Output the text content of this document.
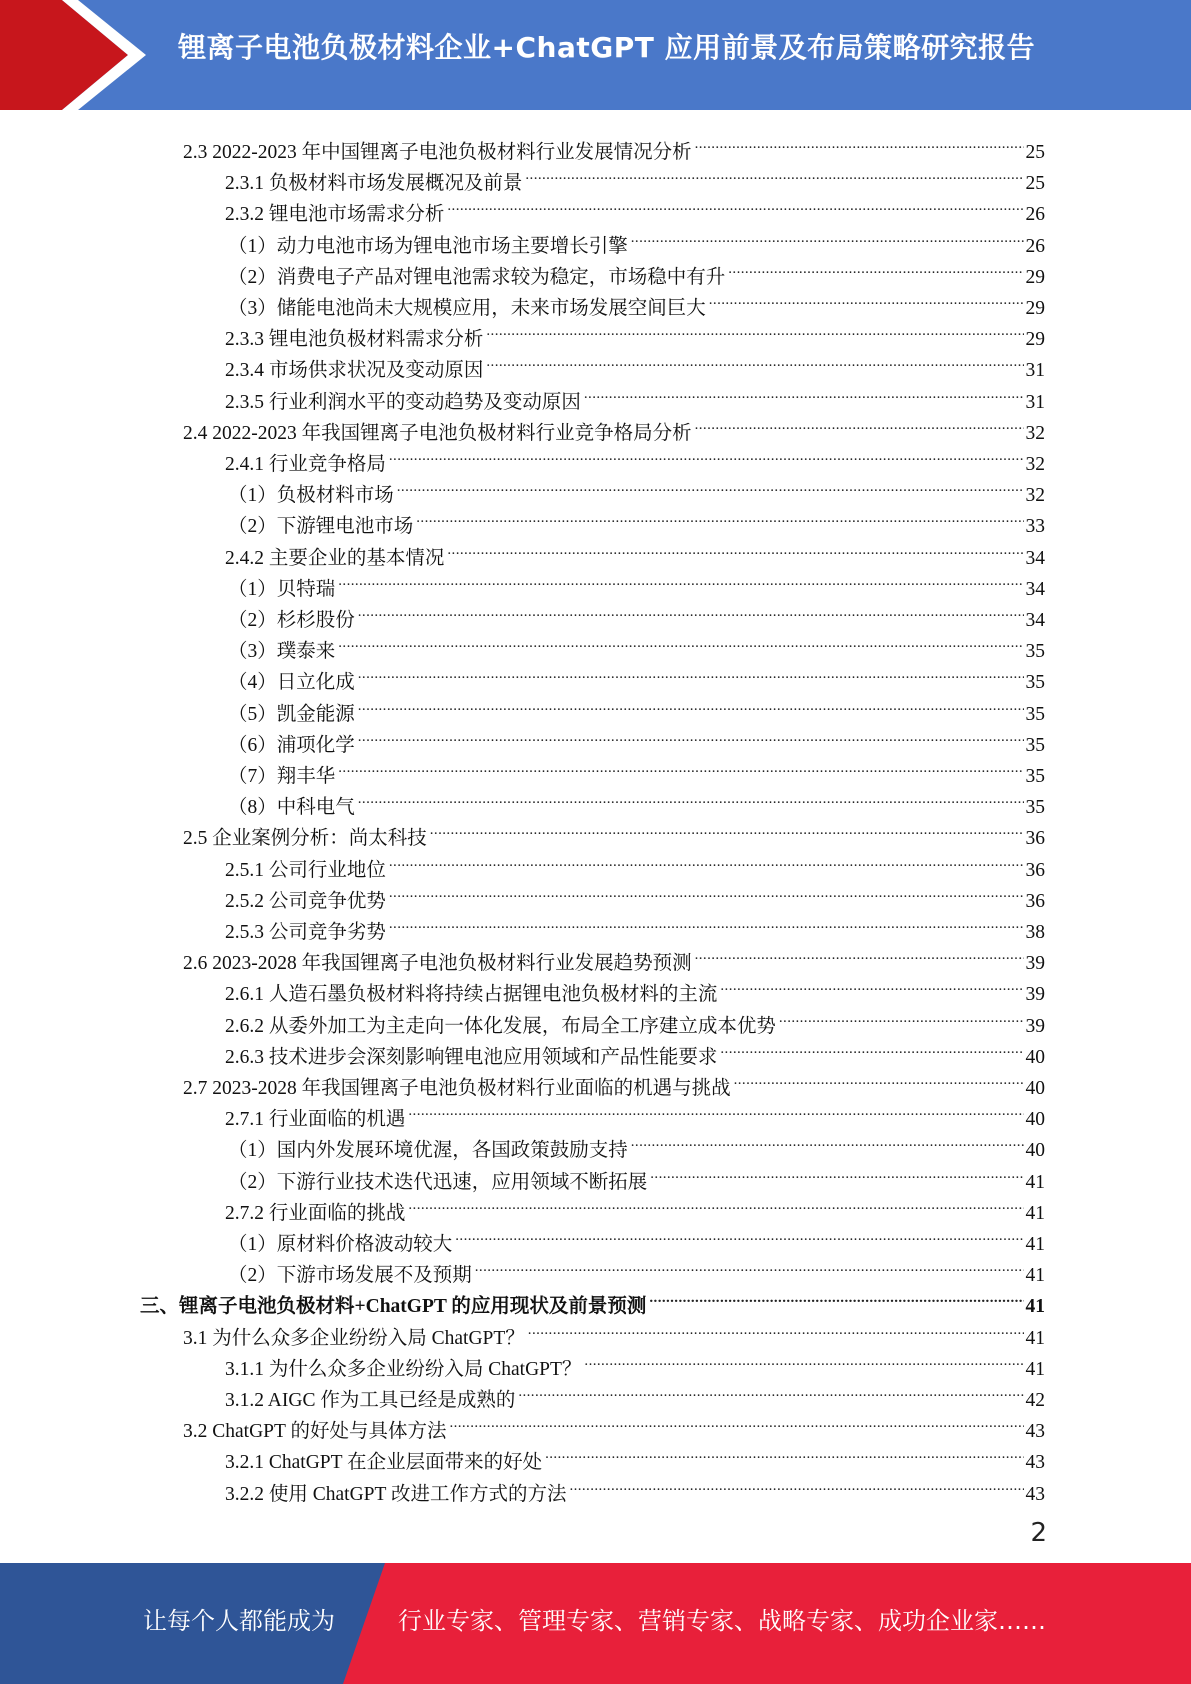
锂离子电池负极材料企业+ChatGPT 应用前景及布局策略研究报告
2.3 2022-2023 年中国锂离子电池负极材料行业发展情况分析 .....	25
2.3.1 负极材料市场发展概况及前景 .....	25
2.3.2 锂电池市场需求分析 .....	26
（1）动力电池市场为锂电池市场主要增长引擎 .....	26
（2）消费电子产品对锂电池需求较为稳定，市场稳中有升 .....	29
（3）储能电池尚未大规模应用，未来市场发展空间巨大 .....	29
2.3.3 锂电池负极材料需求分析 .....	29
2.3.4 市场供求状况及变动原因 .....	31
2.3.5 行业利润水平的变动趋势及变动原因 .....	31
2.4 2022-2023 年我国锂离子电池负极材料行业竞争格局分析 .....	32
2.4.1 行业竞争格局 .....	32
（1）负极材料市场 .....	32
（2）下游锂电池市场 .....	33
2.4.2 主要企业的基本情况 .....	34
（1）贝特瑞 .....	34
（2）杉杉股份 .....	34
（3）璞泰来 .....	35
（4）日立化成 .....	35
（5）凯金能源 .....	35
（6）浦项化学 .....	35
（7）翔丰华 .....	35
（8）中科电气 .....	35
2.5 企业案例分析：尚太科技 .....	36
2.5.1 公司行业地位 .....	36
2.5.2 公司竞争优势 .....	36
2.5.3 公司竞争劣势 .....	38
2.6 2023-2028 年我国锂离子电池负极材料行业发展趋势预测 .....	39
2.6.1 人造石墨负极材料将持续占据锂电池负极材料的主流 .....	39
2.6.2 从委外加工为主走向一体化发展，布局全工序建立成本优势 .....	39
2.6.3 技术进步会深刻影响锂电池应用领域和产品性能要求 .....	40
2.7 2023-2028 年我国锂离子电池负极材料行业面临的机遇与挑战 .....	40
2.7.1 行业面临的机遇 .....	40
（1）国内外发展环境优渥，各国政策鼓励支持 .....	40
（2）下游行业技术迭代迅速，应用领域不断拓展 .....	41
2.7.2 行业面临的挑战 .....	41
（1）原材料价格波动较大 .....	41
（2）下游市场发展不及预期 .....	41
三、锂离子电池负极材料+ChatGPT 的应用现状及前景预测 .....	41
3.1 为什么众多企业纷纷入局 ChatGPT？ .....	41
3.1.1 为什么众多企业纷纷入局 ChatGPT？ .....	41
3.1.2 AIGC 作为工具已经是成熟的 .....	42
3.2 ChatGPT 的好处与具体方法 .....	43
3.2.1 ChatGPT 在企业层面带来的好处 .....	43
3.2.2 使用 ChatGPT 改进工作方式的方法 .....	43
2
让每个人都能成为	行业专家、管理专家、营销专家、战略专家、成功企业家……
